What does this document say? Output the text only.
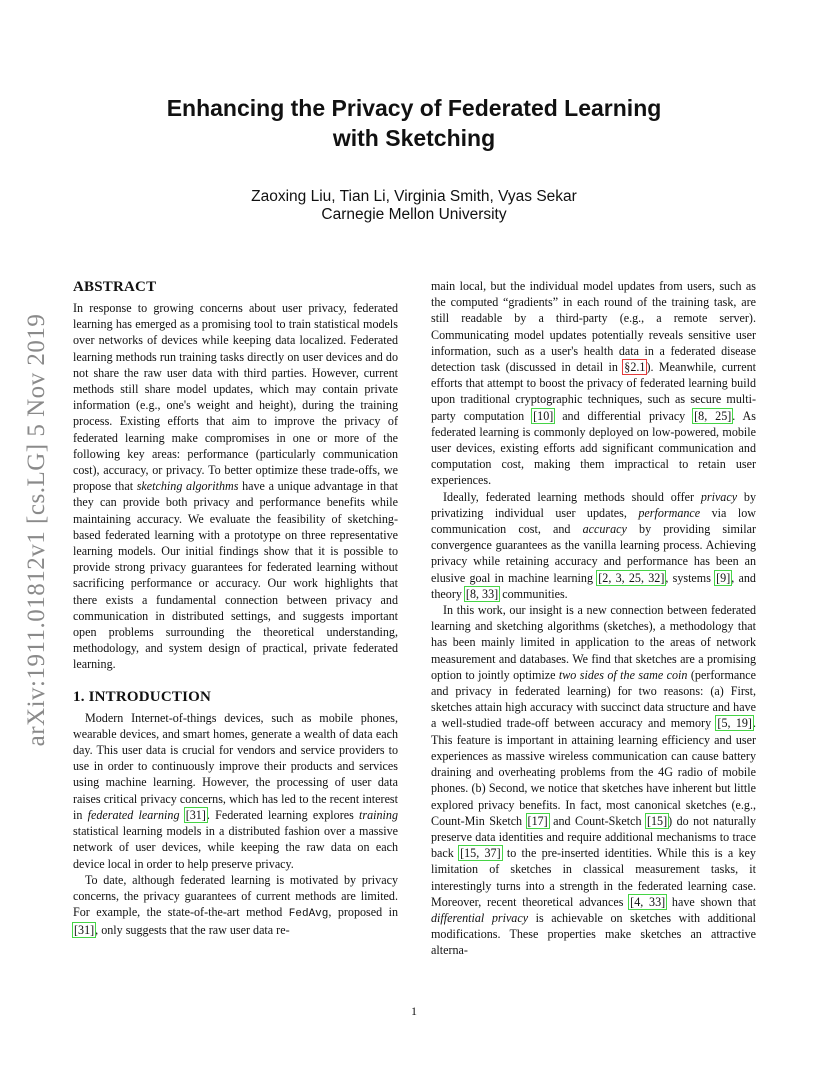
Enhancing the Privacy of Federated Learning
with Sketching
Zaoxing Liu, Tian Li, Virginia Smith, Vyas Sekar
Carnegie Mellon University
arXiv:1911.01812v1 [cs.LG] 5 Nov 2019
ABSTRACT

In response to growing concerns about user privacy, federated learning has emerged as a promising tool to train statistical models over networks of devices while keeping data localized. Federated learning methods run training tasks directly on user devices and do not share the raw user data with third parties. However, current methods still share model updates, which may contain private information (e.g., one's weight and height), during the training process. Existing efforts that aim to improve the privacy of federated learning make compromises in one or more of the following key areas: performance (particularly communication cost), accuracy, or privacy. To better optimize these trade-offs, we propose that sketching algorithms have a unique advantage in that they can provide both privacy and performance benefits while maintaining accuracy. We evaluate the feasibility of sketching-based federated learning with a prototype on three representative learning models. Our initial findings show that it is possible to provide strong privacy guarantees for federated learning without sacrificing performance or accuracy. Our work highlights that there exists a fundamental connection between privacy and communication in distributed settings, and suggests important open problems surrounding the theoretical understanding, methodology, and system design of practical, private federated learning.

1. INTRODUCTION

Modern Internet-of-things devices, such as mobile phones, wearable devices, and smart homes, generate a wealth of data each day. This user data is crucial for vendors and service providers to use in order to continuously improve their products and services using machine learning. However, the processing of user data raises critical privacy concerns, which has led to the recent interest in federated learning [31]. Federated learning explores training statistical learning models in a distributed fashion over a massive network of user devices, while keeping the raw data on each device local in order to help preserve privacy.

To date, although federated learning is motivated by privacy concerns, the privacy guarantees of current methods are limited. For example, the state-of-the-art method FedAvg, proposed in [31], only suggests that the raw user data re-

main local, but the individual model updates from users, such as the computed “gradients” in each round of the training task, are still readable by a third-party (e.g., a remote server). Communicating model updates potentially reveals sensitive user information, such as a user's health data in a federated disease detection task (discussed in detail in §2.1). Meanwhile, current efforts that attempt to boost the privacy of federated learning build upon traditional cryptographic techniques, such as secure multi-party computation [10] and differential privacy [8, 25]. As federated learning is commonly deployed on low-powered, mobile user devices, existing efforts add significant communication and computation cost, making them impractical to retain user experiences.

Ideally, federated learning methods should offer privacy by privatizing individual user updates, performance via low communication cost, and accuracy by providing similar convergence guarantees as the vanilla learning process. Achieving privacy while retaining accuracy and performance has been an elusive goal in machine learning [2, 3, 25, 32], systems [9], and theory [8, 33] communities.

In this work, our insight is a new connection between federated learning and sketching algorithms (sketches), a methodology that has been mainly limited in application to the areas of network measurement and databases. We find that sketches are a promising option to jointly optimize two sides of the same coin (performance and privacy in federated learning) for two reasons: (a) First, sketches attain high accuracy with succinct data structure and have a well-studied trade-off between accuracy and memory [5, 19]. This feature is important in attaining learning efficiency and user experiences as massive wireless communication can cause battery draining and overheating problems from the 4G radio of mobile phones. (b) Second, we notice that sketches have inherent but little explored privacy benefits. In fact, most canonical sketches (e.g., Count-Min Sketch [17] and Count-Sketch [15]) do not naturally preserve data identities and require additional mechanisms to trace back [15, 37] to the pre-inserted identities. While this is a key limitation of sketches in classical measurement tasks, it interestingly turns into a strength in the federated learning case. Moreover, recent theoretical advances [4, 33] have shown that differential privacy is achievable on sketches with additional modifications. These properties make sketches an attractive alterna-

1
